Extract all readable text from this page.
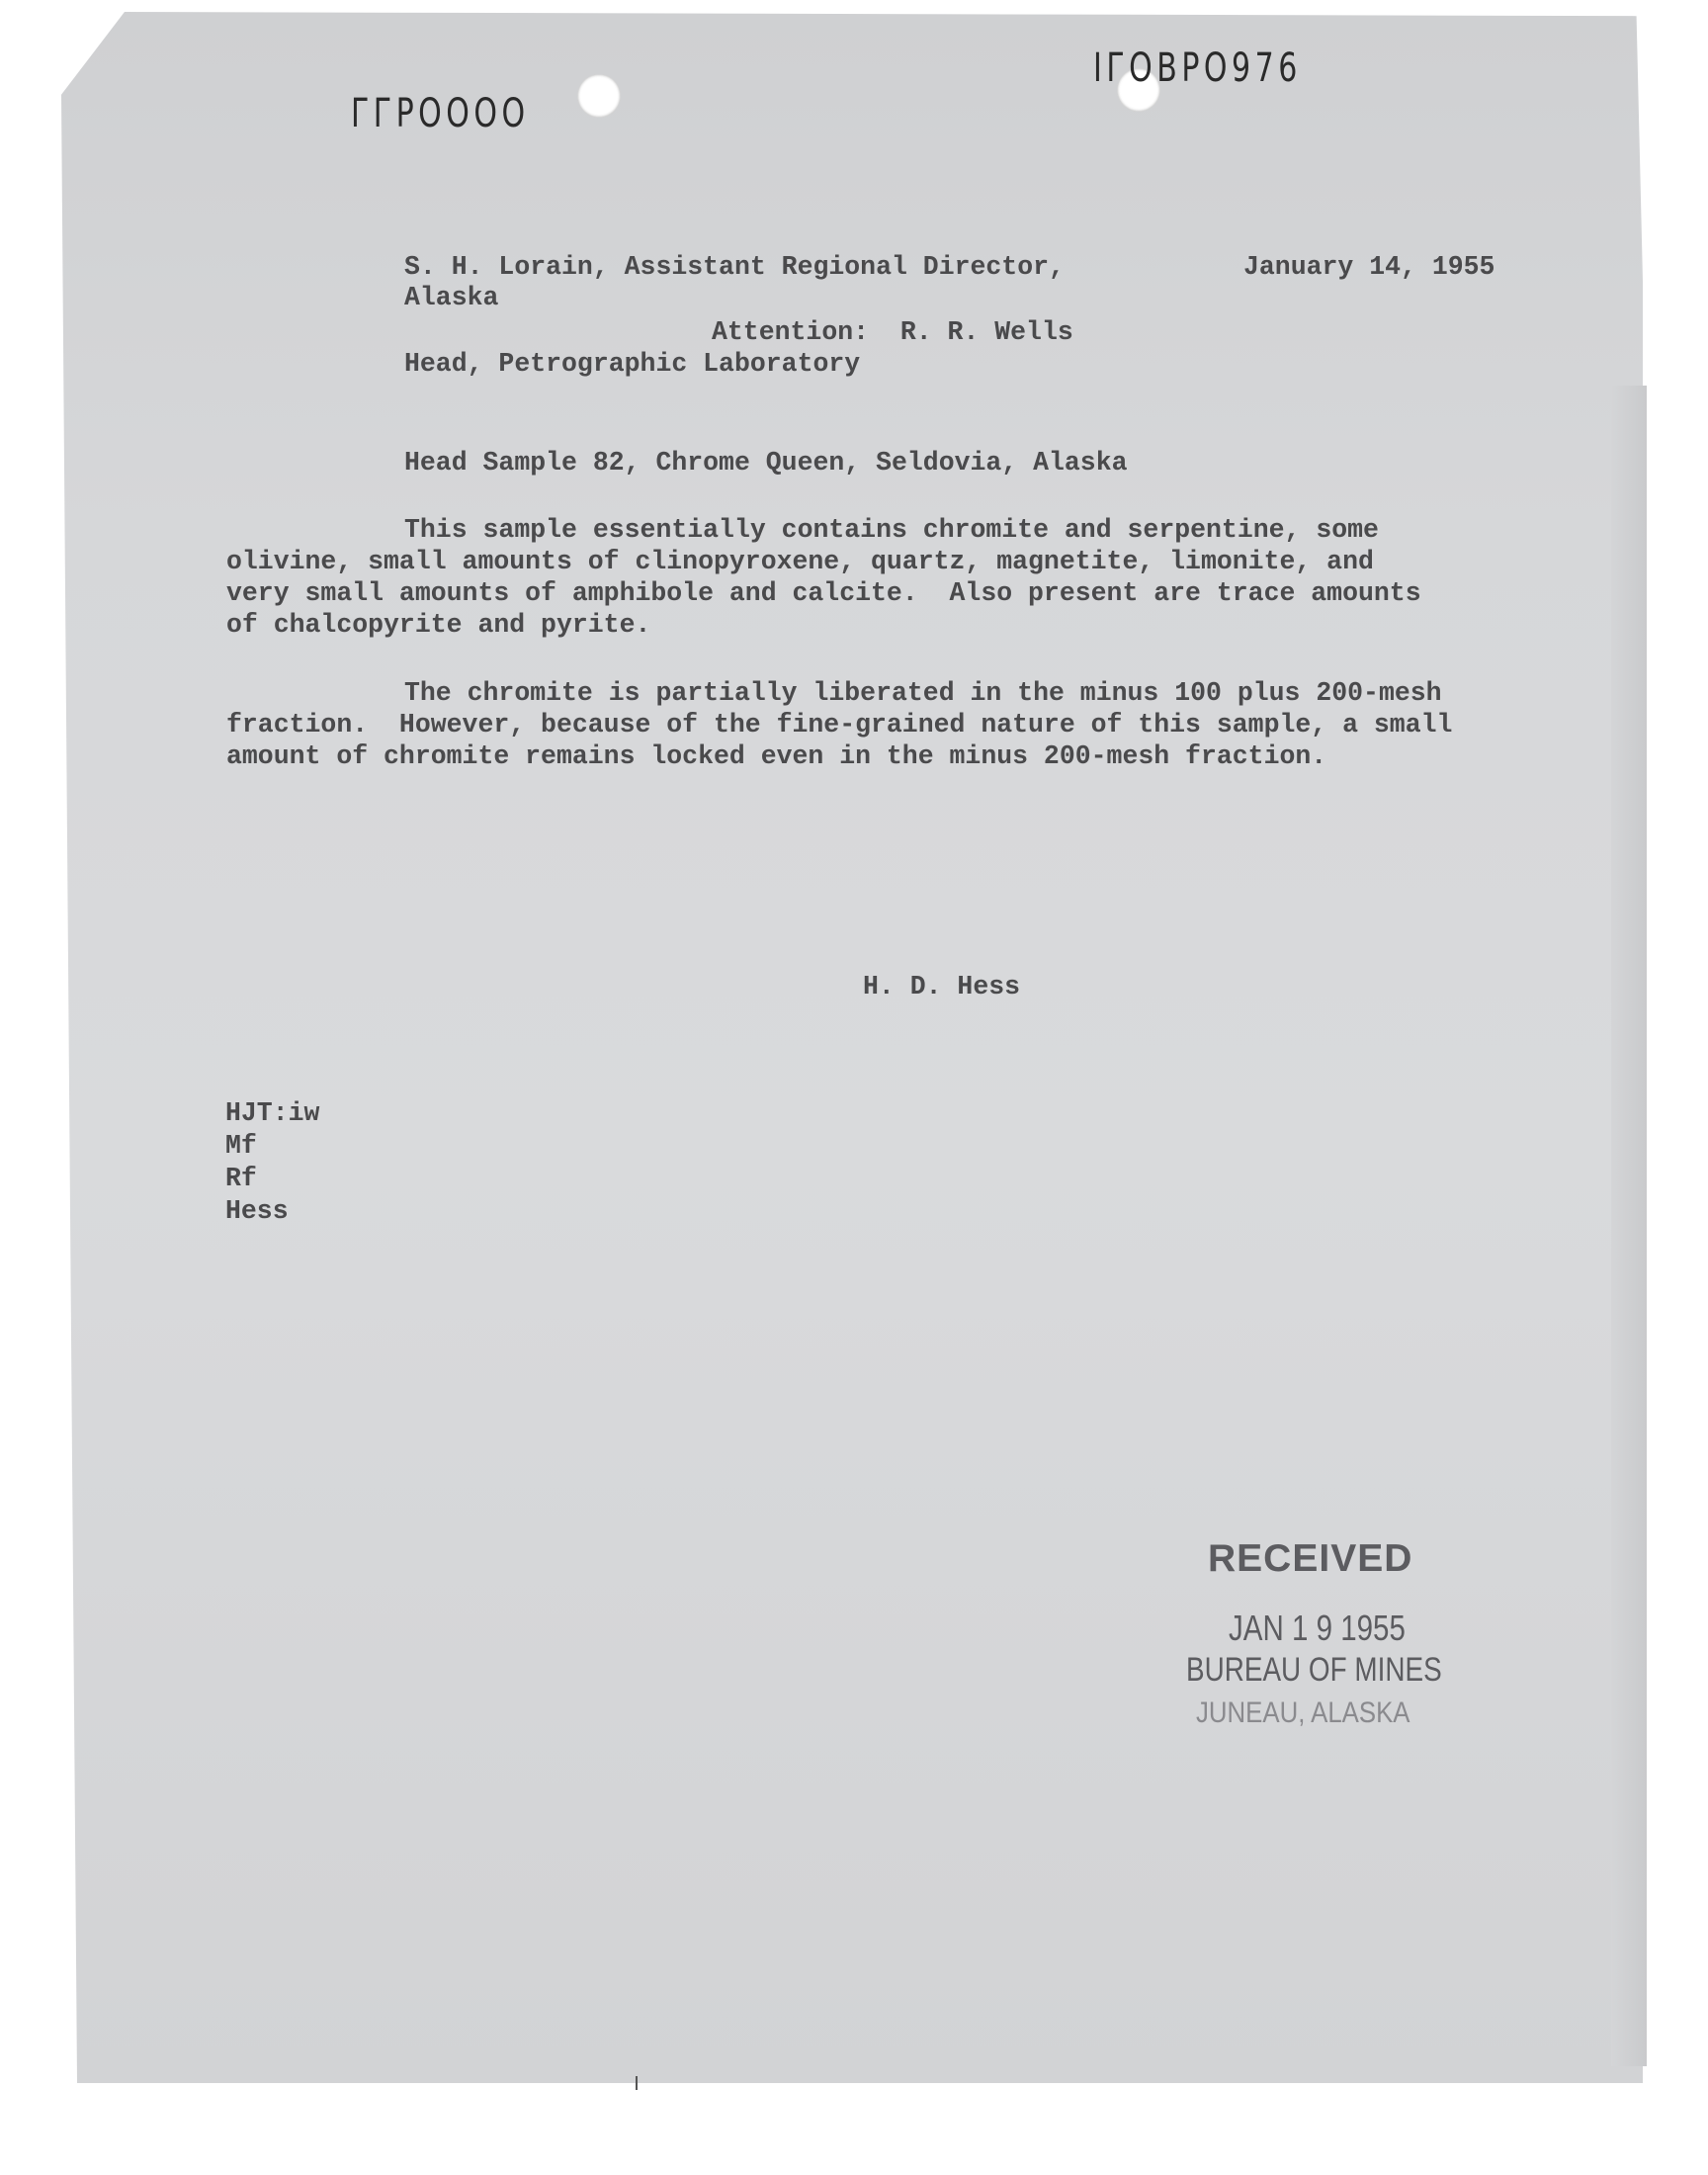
ГГРОООО
ІГОВРО976
S. H. Lorain, Assistant Regional Director,
Alaska
January 14, 1955
Attention:  R. R. Wells
Head, Petrographic Laboratory
Head Sample 82, Chrome Queen, Seldovia, Alaska
This sample essentially contains chromite and serpentine, some
olivine, small amounts of clinopyroxene, quartz, magnetite, limonite, and
very small amounts of amphibole and calcite.  Also present are trace amounts
of chalcopyrite and pyrite.
The chromite is partially liberated in the minus 100 plus 200-mesh
fraction.  However, because of the fine-grained nature of this sample, a small
amount of chromite remains locked even in the minus 200-mesh fraction.
H. D. Hess
HJT:iw
Mf
Rf
Hess
RECEIVED
JAN 1 9 1955
BUREAU OF MINES
JUNEAU, ALASKA
